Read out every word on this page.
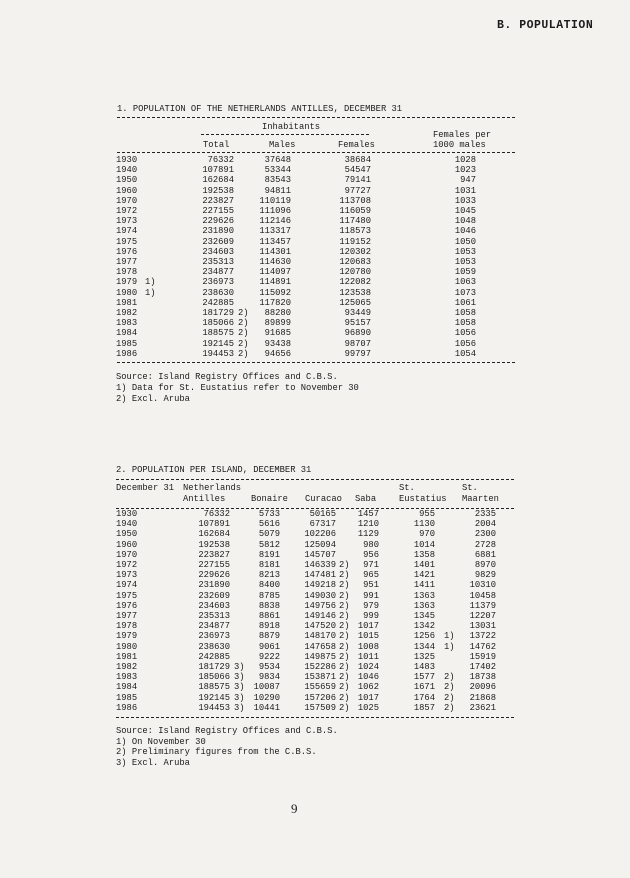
B. POPULATION
1. POPULATION OF THE NETHERLANDS ANTILLES, DECEMBER 31
Inhabitants
Total	Males	Females
Females per
1000 males
1930	76332	37648	38684	1028
1940	107891	53344	54547	1023
1950	162684	83543	79141	947
1960	192538	94811	97727	1031
1970	223827	110119	113708	1033
1972	227155	111096	116059	1045
1973	229626	112146	117480	1048
1974	231890	113317	118573	1046
1975	232609	113457	119152	1050
1976	234603	114301	120302	1053
1977	235313	114630	120683	1053
1978	234877	114097	120780	1059
1979 1)	236973	114891	122082	1063
1980 1)	238630	115092	123538	1073
1981	242885	117820	125065	1061
1982	181729 2)	88280	93449	1058
1983	185066 2)	89899	95157	1058
1984	188575 2)	91685	96890	1056
1985	192145 2)	93438	98707	1056
1986	194453 2)	94656	99797	1054
Source: Island Registry Offices and C.B.S.
1) Data for St. Eustatius refer to November 30
2) Excl. Aruba
2. POPULATION PER ISLAND, DECEMBER 31
December 31 Netherlands
Antilles	Bonaire Curacao Saba
St.
Eustatius
St.
Maarten
1930	76332	5733	50165	1457	955	2335
1940	107891	5616	67317	1210	1130	2004
1950	162684	5079	102206	1129	970	2300
1960	192538	5812	125094	980	1014	2728
1970	223827	8191	145707	956	1358	6881
1972	227155	8181	146339 2)	971	1401	8970
1973	229626	8213	147481 2)	965	1421	9829
1974	231890	8400	149218 2)	951	1411	10310
1975	232609	8785	149030 2)	991	1363	10458
1976	234603	8838	149756 2)	979	1363	11379
1977	235313	8861	149146 2)	999	1345	12207
1978	234877	8918	147520 2) 1017	1342	13031
1979	236973	8879	148170 2) 1015	1256 1)	13722
1980	238630	9061	147658 2) 1008	1344 1)	14762
1981	242885	9222	149875 2) 1011	1325	15919
1982	181729 3)	9534	152286 2) 1024	1483	17402
1983	185066 3)	9834	153871 2) 1046	1577 2)	18738
1984	188575 3)	10087	155659 2) 1062	1671 2)	20096
1985	192145 3)	10290	157206 2) 1017	1764 2)	21868
1986	194453 3)	10441	157509 2) 1025	1857 2)	23621
Source: Island Registry Offices and C.B.S.
1) On November 30
2) Preliminary figures from the C.B.S.
3) Excl. Aruba
9
